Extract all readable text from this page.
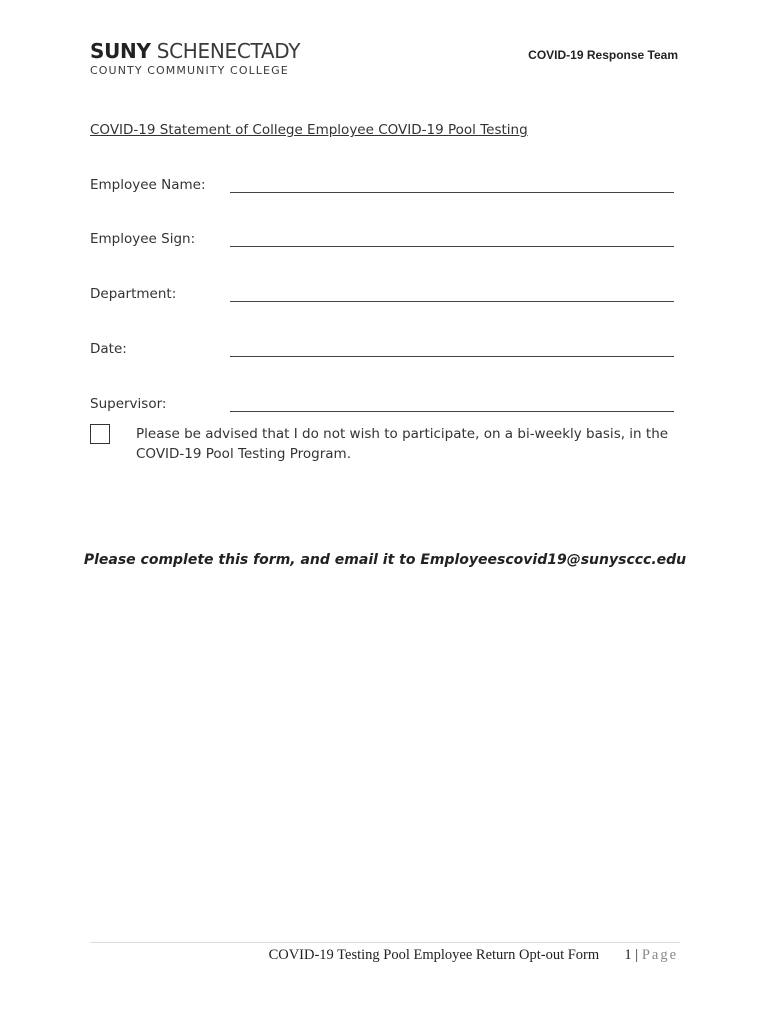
SUNY SCHENECTADY
COUNTY COMMUNITY COLLEGE
COVID-19 Response Team
COVID-19 Statement of College Employee COVID-19 Pool Testing
Employee Name:
Employee Sign:
Department:
Date:
Supervisor:
Please be advised that I do not wish to participate, on a bi-weekly basis, in the COVID-19 Pool Testing Program.
Please complete this form, and email it to Employeescovid19@sunysccc.edu
COVID-19 Testing Pool Employee Return Opt-out Form 1 | Page
